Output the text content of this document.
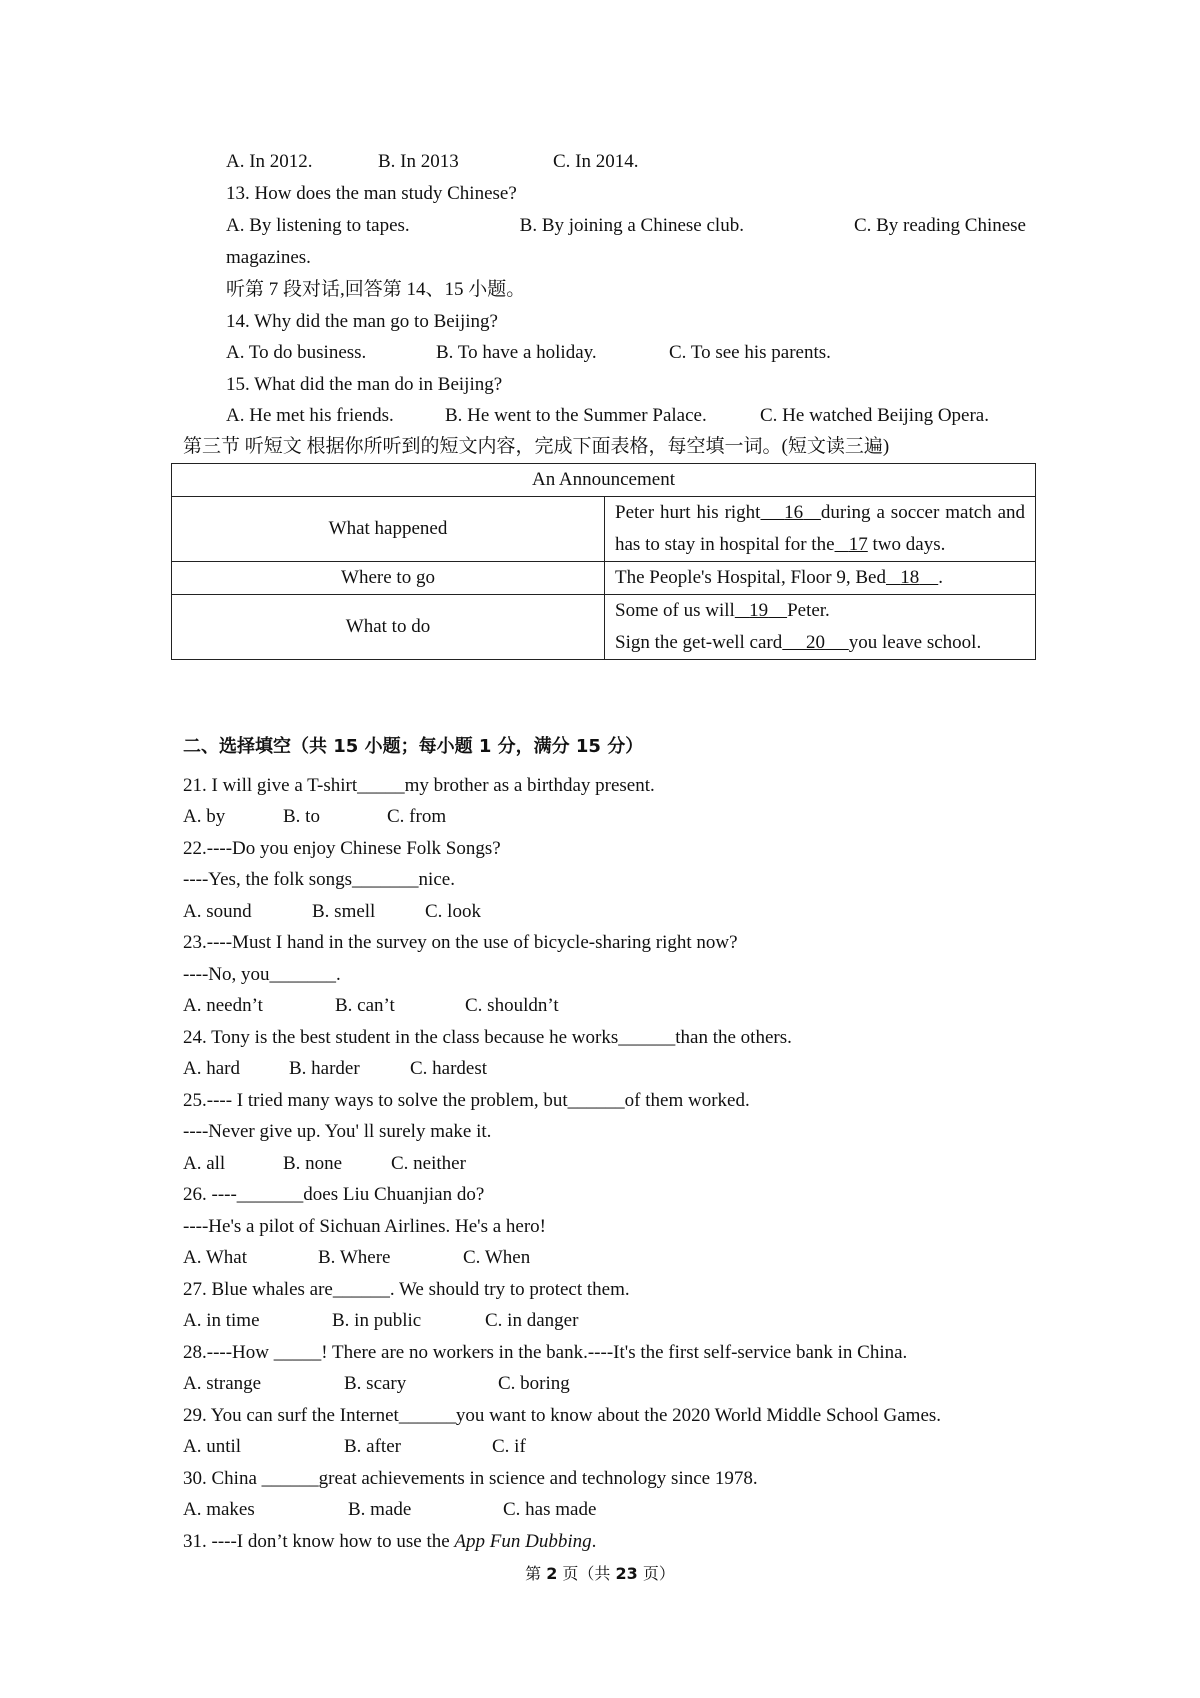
A. In 2012.	B. In 2013	C. In 2014.
13. How does the man study Chinese?
A. By listening to tapes.	B. By joining a Chinese club.	C. By reading Chinese
magazines.
听第 7 段对话,回答第 14、15 小题。
14. Why did the man go to Beijing?
A. To do business.	B. To have a holiday.	C. To see his parents.
15. What did the man do in Beijing?
A. He met his friends.	B. He went to the Summer Palace.	C. He watched Beijing Opera.
第三节 听短文 根据你所听到的短文内容，完成下面表格，每空填一词。(短文读三遍)
An Announcement	
What happened	Peter hurt his right 16 during a soccer match and has to stay in hospital for the 17 two days.
Where to go	The People's Hospital, Floor 9, Bed 18 .
What to do	Some of us will 19 Peter.
Sign the get-well card 20 you leave school.
二、选择填空（共 15 小题；每小题 1 分，满分 15 分）
21. I will give a T-shirt_____my brother as a birthday present.
A. by	B. to	C. from
22.----Do you enjoy Chinese Folk Songs?
----Yes, the folk songs_______nice.
A. sound	B. smell	C. look
23.----Must I hand in the survey on the use of bicycle-sharing right now?
----No, you_______.
A. needn’t	B. can’t	C. shouldn’t
24. Tony is the best student in the class because he works______than the others.
A. hard	B. harder	C. hardest
25.---- I tried many ways to solve the problem, but______of them worked.
----Never give up. You' ll surely make it.
A. all	B. none	C. neither
26. ----_______does Liu Chuanjian do?
----He's a pilot of Sichuan Airlines. He's a hero!
A. What	B. Where	C. When
27. Blue whales are______. We should try to protect them.
A. in time	B. in public	C. in danger
28.----How _____! There are no workers in the bank.----It's the first self-service bank in China.
A. strange	B. scary	C. boring
29. You can surf the Internet______you want to know about the 2020 World Middle School Games.
A. until	B. after	C. if
30. China ______great achievements in science and technology since 1978.
A. makes	B. made	C. has made
31. ----I don’t know how to use the App Fun Dubbing.
第 2 页（共 23 页）
